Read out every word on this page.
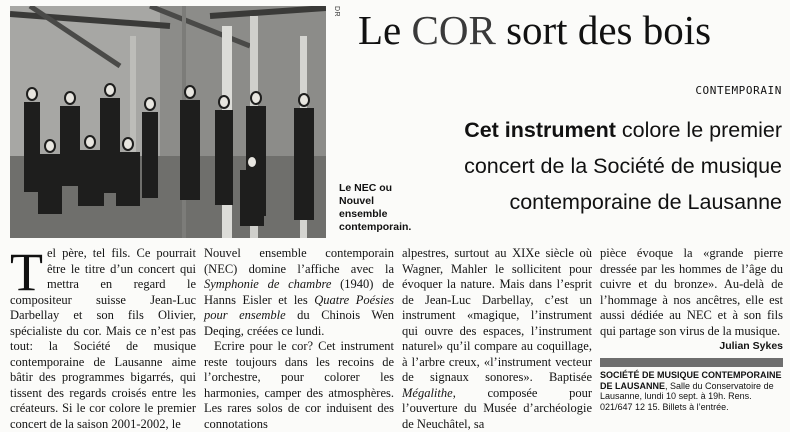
DR
Le NEC ou Nouvel ensemble contemporain.
Le COR sort des bois
CONTEMPORAIN
Cet instrument colore le premier concert de la Société de musique contemporaine de Lausanne

Tel père, tel fils. Ce pourrait être le titre d’un concert qui mettra en regard le compositeur suisse Jean-Luc Darbellay et son fils Olivier, spécialiste du cor. Mais ce n’est pas tout: la Société de musique contemporaine de Lausanne aime bâtir des programmes bigarrés, qui tissent des regards croisés entre les créateurs. Si le cor colore le premier concert de la saison 2001-2002, le

Nouvel ensemble contemporain (NEC) domine l’affiche avec la Symphonie de chambre (1940) de Hanns Eisler et les Quatre Poésies pour ensemble du Chinois Wen Deqing, créées ce lundi.

Ecrire pour le cor? Cet instrument reste toujours dans les recoins de l’orchestre, pour colorer les harmonies, camper des atmosphères. Les rares solos de cor induisent des connotations

alpestres, surtout au XIXe siècle où Wagner, Mahler le sollicitent pour évoquer la nature. Mais dans l’esprit de Jean-Luc Darbellay, c’est un instrument «magique, l’instrument qui ouvre des espaces, l’instrument naturel» qu’il compare au coquillage, à l’arbre creux, «l’instrument vecteur de signaux sonores». Baptisée Mégalithe, composée pour l’ouverture du Musée d’archéologie de Neuchâtel, sa

pièce évoque la «grande pierre dressée par les hommes de l’âge du cuivre et du bronze». Au-delà de l’hommage à nos ancêtres, elle est aussi dédiée au NEC et à son fils qui partage son virus de la musique.

Julian Sykes
SOCIÉTÉ DE MUSIQUE CONTEMPORAINE DE LAUSANNE, Salle du Conservatoire de Lausanne, lundi 10 sept. à 19h. Rens. 021/647 12 15. Billets à l’entrée.
